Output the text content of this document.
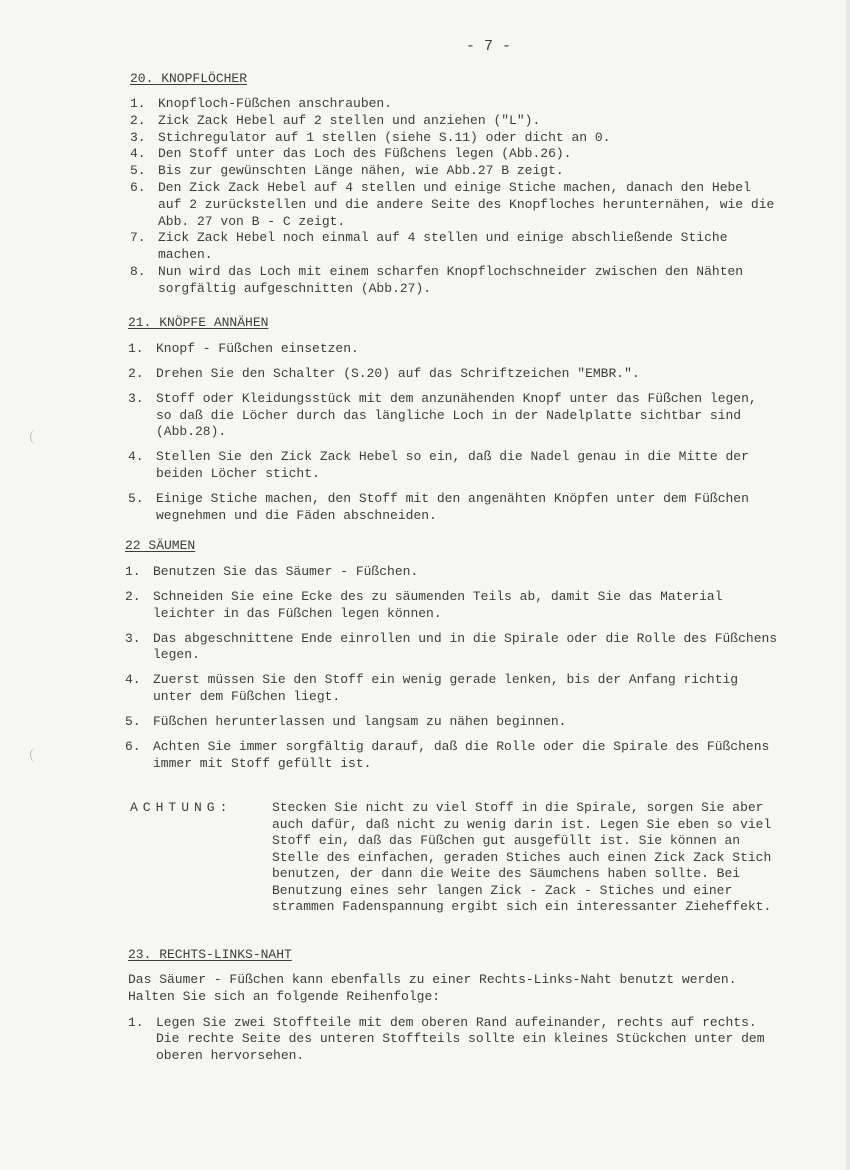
- 7 -
20. KNOPFLÖCHER
1. Knopfloch-Füßchen anschrauben.
2. Zick Zack Hebel auf 2 stellen und anziehen ("L").
3. Stichregulator auf 1 stellen (siehe S.11) oder dicht an 0.
4. Den Stoff unter das Loch des Füßchens legen (Abb.26).
5. Bis zur gewünschten Länge nähen, wie Abb.27 B zeigt.
6. Den Zick Zack Hebel auf 4 stellen und einige Stiche machen, danach den Hebel auf 2 zurückstellen und die andere Seite des Knopfloches herunternähen, wie die Abb. 27 von B - C zeigt.
7. Zick Zack Hebel noch einmal auf 4 stellen und einige abschließende Stiche machen.
8. Nun wird das Loch mit einem scharfen Knopflochschneider zwischen den Nähten sorgfältig aufgeschnitten (Abb.27).
21. KNÖPFE ANNÄHEN
1. Knopf - Füßchen einsetzen.
2. Drehen Sie den Schalter (S.20) auf das Schriftzeichen "EMBR.".
3. Stoff oder Kleidungsstück mit dem anzunähenden Knopf unter das Füßchen legen, so daß die Löcher durch das längliche Loch in der Nadelplatte sichtbar sind (Abb.28).
4. Stellen Sie den Zick Zack Hebel so ein, daß die Nadel genau in die Mitte der beiden Löcher sticht.
5. Einige Stiche machen, den Stoff mit den angenähten Knöpfen unter dem Füßchen wegnehmen und die Fäden abschneiden.
22 SÄUMEN
1. Benutzen Sie das Säumer - Füßchen.
2. Schneiden Sie eine Ecke des zu säumenden Teils ab, damit Sie das Material leichter in das Füßchen legen können.
3. Das abgeschnittene Ende einrollen und in die Spirale oder die Rolle des Füßchens legen.
4. Zuerst müssen Sie den Stoff ein wenig gerade lenken, bis der Anfang richtig unter dem Füßchen liegt.
5. Füßchen herunterlassen und langsam zu nähen beginnen.
6. Achten Sie immer sorgfältig darauf, daß die Rolle oder die Spirale des Füßchens immer mit Stoff gefüllt ist.
ACHTUNG:	Stecken Sie nicht zu viel Stoff in die Spirale, sorgen Sie aber auch dafür, daß nicht zu wenig darin ist. Legen Sie eben so viel Stoff ein, daß das Füßchen gut ausgefüllt ist. Sie können an Stelle des einfachen, geraden Stiches auch einen Zick Zack Stich benutzen, der dann die Weite des Säumchens haben sollte. Bei Benutzung eines sehr langen Zick - Zack - Stiches und einer strammen Fadenspannung ergibt sich ein interessanter Zieheffekt.
23. RECHTS-LINKS-NAHT
Das Säumer - Füßchen kann ebenfalls zu einer Rechts-Links-Naht benutzt werden. Halten Sie sich an folgende Reihenfolge:
1. Legen Sie zwei Stoffteile mit dem oberen Rand aufeinander, rechts auf rechts. Die rechte Seite des unteren Stoffteils sollte ein kleines Stückchen unter dem oberen hervorsehen.
